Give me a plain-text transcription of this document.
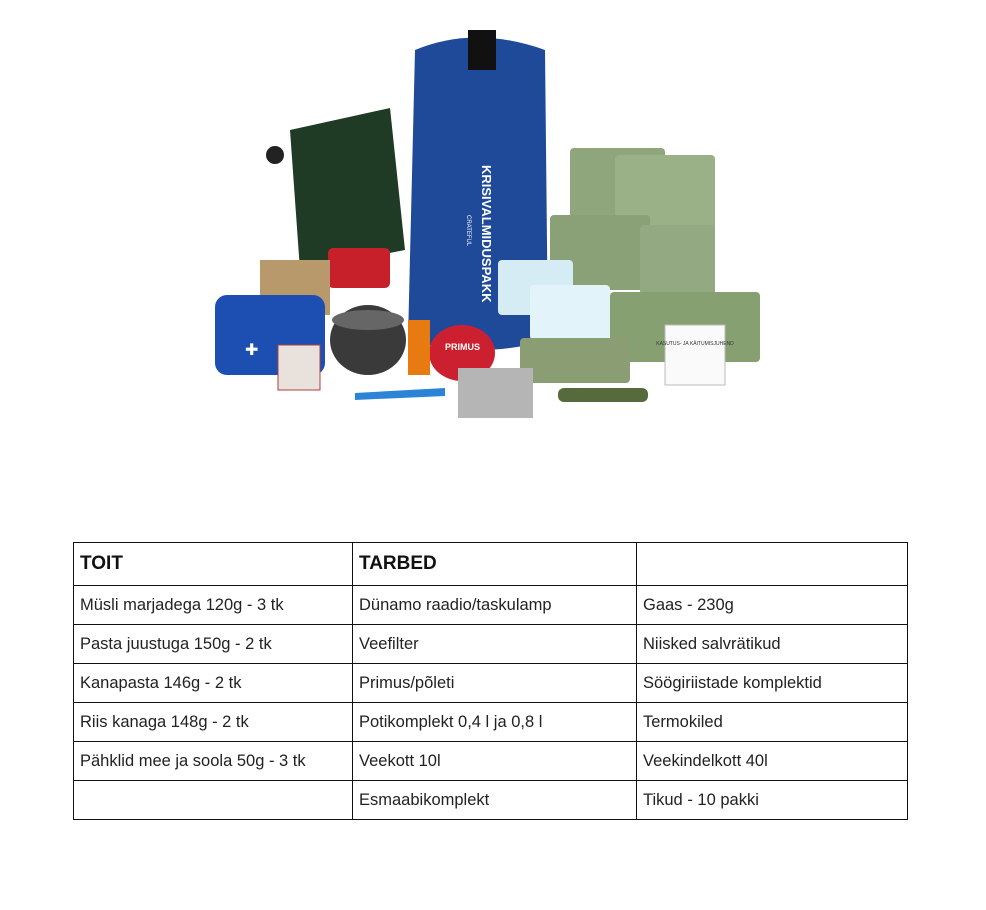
KASUTUS- JA KÄITUMISJUHEND
KRISIVALMIDUSPAKK
CRATEFUL
✚	PRIMUS
TOIT	TARBED	
Müsli marjadega 120g - 3 tk	Dünamo raadio/taskulamp	Gaas - 230g
Pasta juustuga 150g - 2 tk	Veefilter	Niisked salvrätikud
Kanapasta 146g - 2 tk	Primus/põleti	Söögiriistade komplektid
Riis kanaga 148g - 2 tk	Potikomplekt 0,4 l ja 0,8 l	Termokiled
Pähklid mee ja soola 50g - 3 tk	Veekott 10l	Veekindelkott 40l
	Esmaabikomplekt	Tikud - 10 pakki
